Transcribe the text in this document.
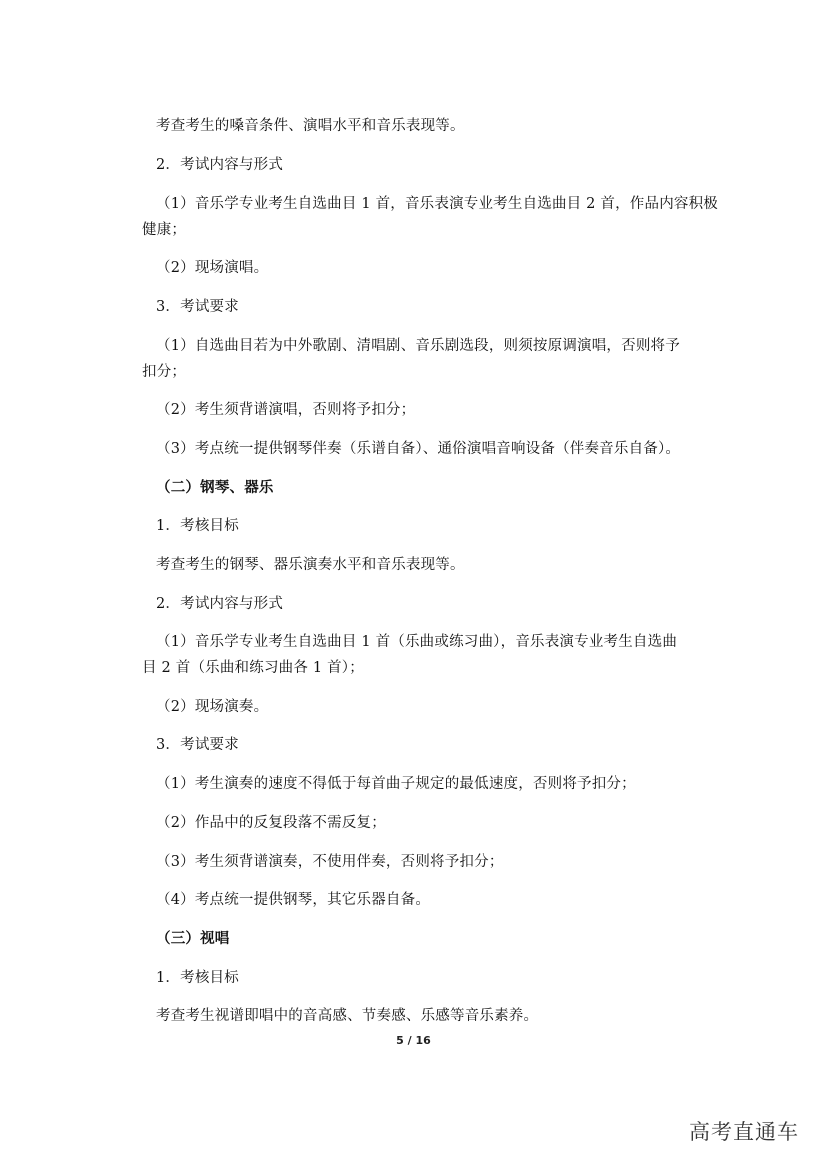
考查考生的嗓音条件、演唱水平和音乐表现等。
2．考试内容与形式
（1）音乐学专业考生自选曲目 1 首，音乐表演专业考生自选曲目 2 首，作品内容积极
健康；
（2）现场演唱。
3．考试要求
（1）自选曲目若为中外歌剧、清唱剧、音乐剧选段，则须按原调演唱，否则将予
扣分；
（2）考生须背谱演唱，否则将予扣分；
（3）考点统一提供钢琴伴奏（乐谱自备）、通俗演唱音响设备（伴奏音乐自备）。
（二）钢琴、器乐
1．考核目标
考查考生的钢琴、器乐演奏水平和音乐表现等。
2．考试内容与形式
（1）音乐学专业考生自选曲目 1 首（乐曲或练习曲），音乐表演专业考生自选曲
目 2 首（乐曲和练习曲各 1 首）；
（2）现场演奏。
3．考试要求
（1）考生演奏的速度不得低于每首曲子规定的最低速度，否则将予扣分；
（2）作品中的反复段落不需反复；
（3）考生须背谱演奏，不使用伴奏，否则将予扣分；
（4）考点统一提供钢琴，其它乐器自备。
（三）视唱
1．考核目标
考查考生视谱即唱中的音高感、节奏感、乐感等音乐素养。
5 / 16
高考直通车
